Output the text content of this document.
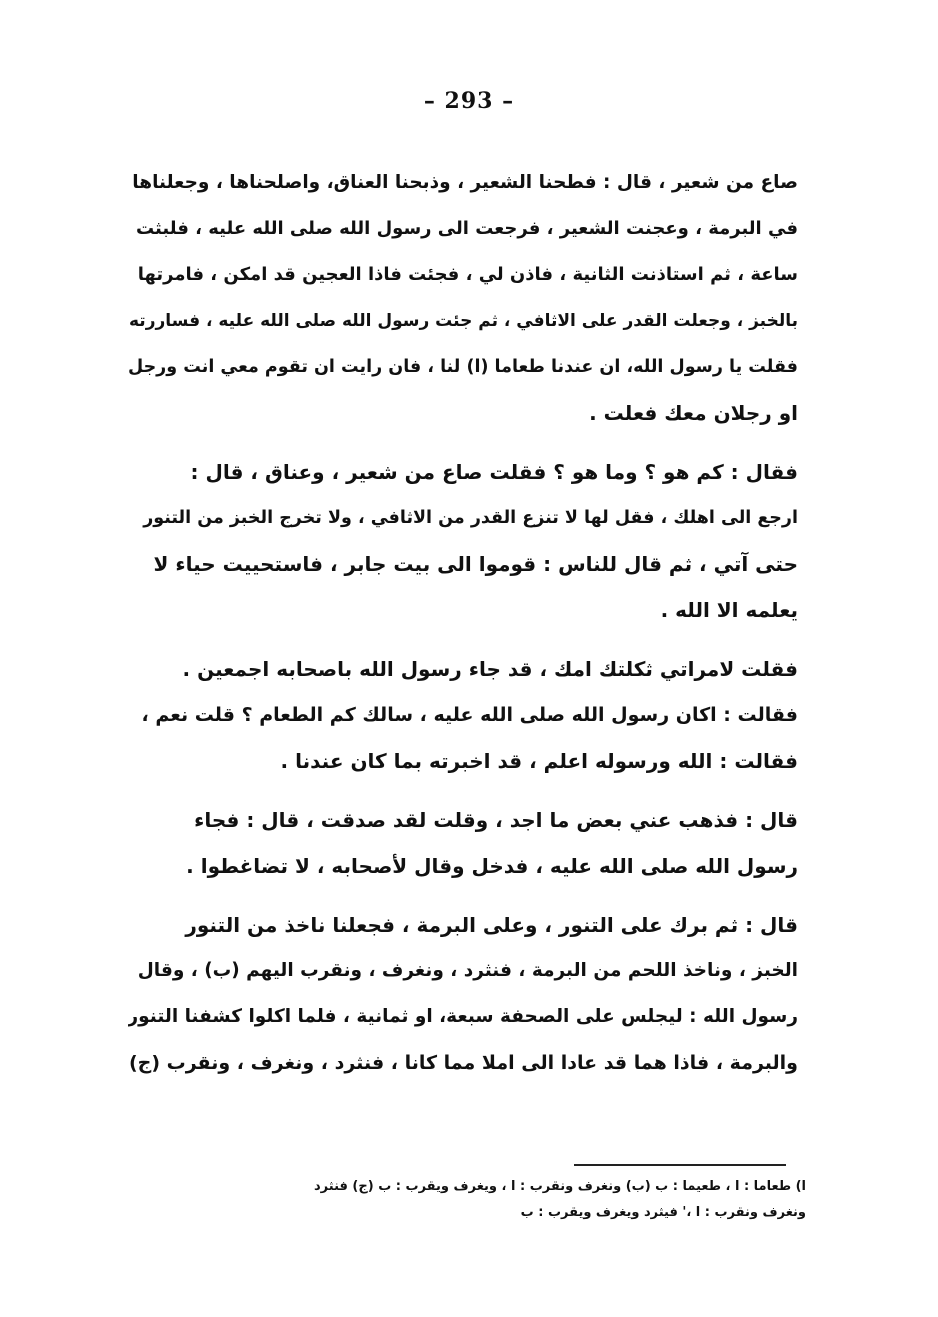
– 293 –
صاع من شعير ، قال : فطحنا الشعير ، وذبحنا العناق، واصلحناها ، وجعلناها
في البرمة ، وعجنت الشعير ، فرجعت الى رسول الله صلى الله عليه ، فلبثت
ساعة ، ثم استاذنت الثانية ، فاذن لي ، فجئت فاذا العجين قد امكن ، فامرتها
بالخبز ، وجعلت القدر على الاثافي ، ثم جئت رسول الله صلى الله عليه ، فساررته
فقلت يا رسول الله، ان عندنا طعاما (ا) لنا ، فان رايت ان تقوم معي انت ورجل
او رجلان معك فعلت .
فقال : كم هو ؟ وما هو ؟ فقلت صاع من شعير ، وعناق ، قال :
ارجع الى اهلك ، فقل لها لا تنزع القدر من الاثافي ، ولا تخرج الخبز من التنور
حتى آتي ، ثم قال للناس : قوموا الى بيت جابر ، فاستحييت حياء لا
يعلمه الا الله .
فقلت لامراتي ثكلتك امك ، قد جاء رسول الله باصحابه اجمعين .
فقالت : اكان رسول الله صلى الله عليه ، سالك كم الطعام ؟ قلت نعم ،
فقالت : الله ورسوله اعلم ، قد اخبرته بما كان عندنا .
قال : فذهب عني بعض ما اجد ، وقلت لقد صدقت ، قال : فجاء
رسول الله صلى الله عليه ، فدخل وقال لأصحابه ، لا تضاغطوا .
قال : ثم برك على التنور ، وعلى البرمة ، فجعلنا ناخذ من التنور
الخبز ، وناخذ اللحم من البرمة ، فنثرد ، ونغرف ، ونقرب اليهم (ب) ، وقال
رسول الله : ليجلس على الصحفة سبعة، او ثمانية ، فلما اكلوا كشفنا التنور
والبرمة ، فاذا هما قد عادا الى املا مما كانا ، فنثرد ، ونغرف ، ونقرب (ج)
ا) طعاما : ا ، طعيما : ب (ب) ونغرف ونقرب : ا ، ويغرف ويقرب : ب (ج) فنثرد
ونغرف ونقرب : ا ،' فيثرد ويغرف ويقرب : ب
